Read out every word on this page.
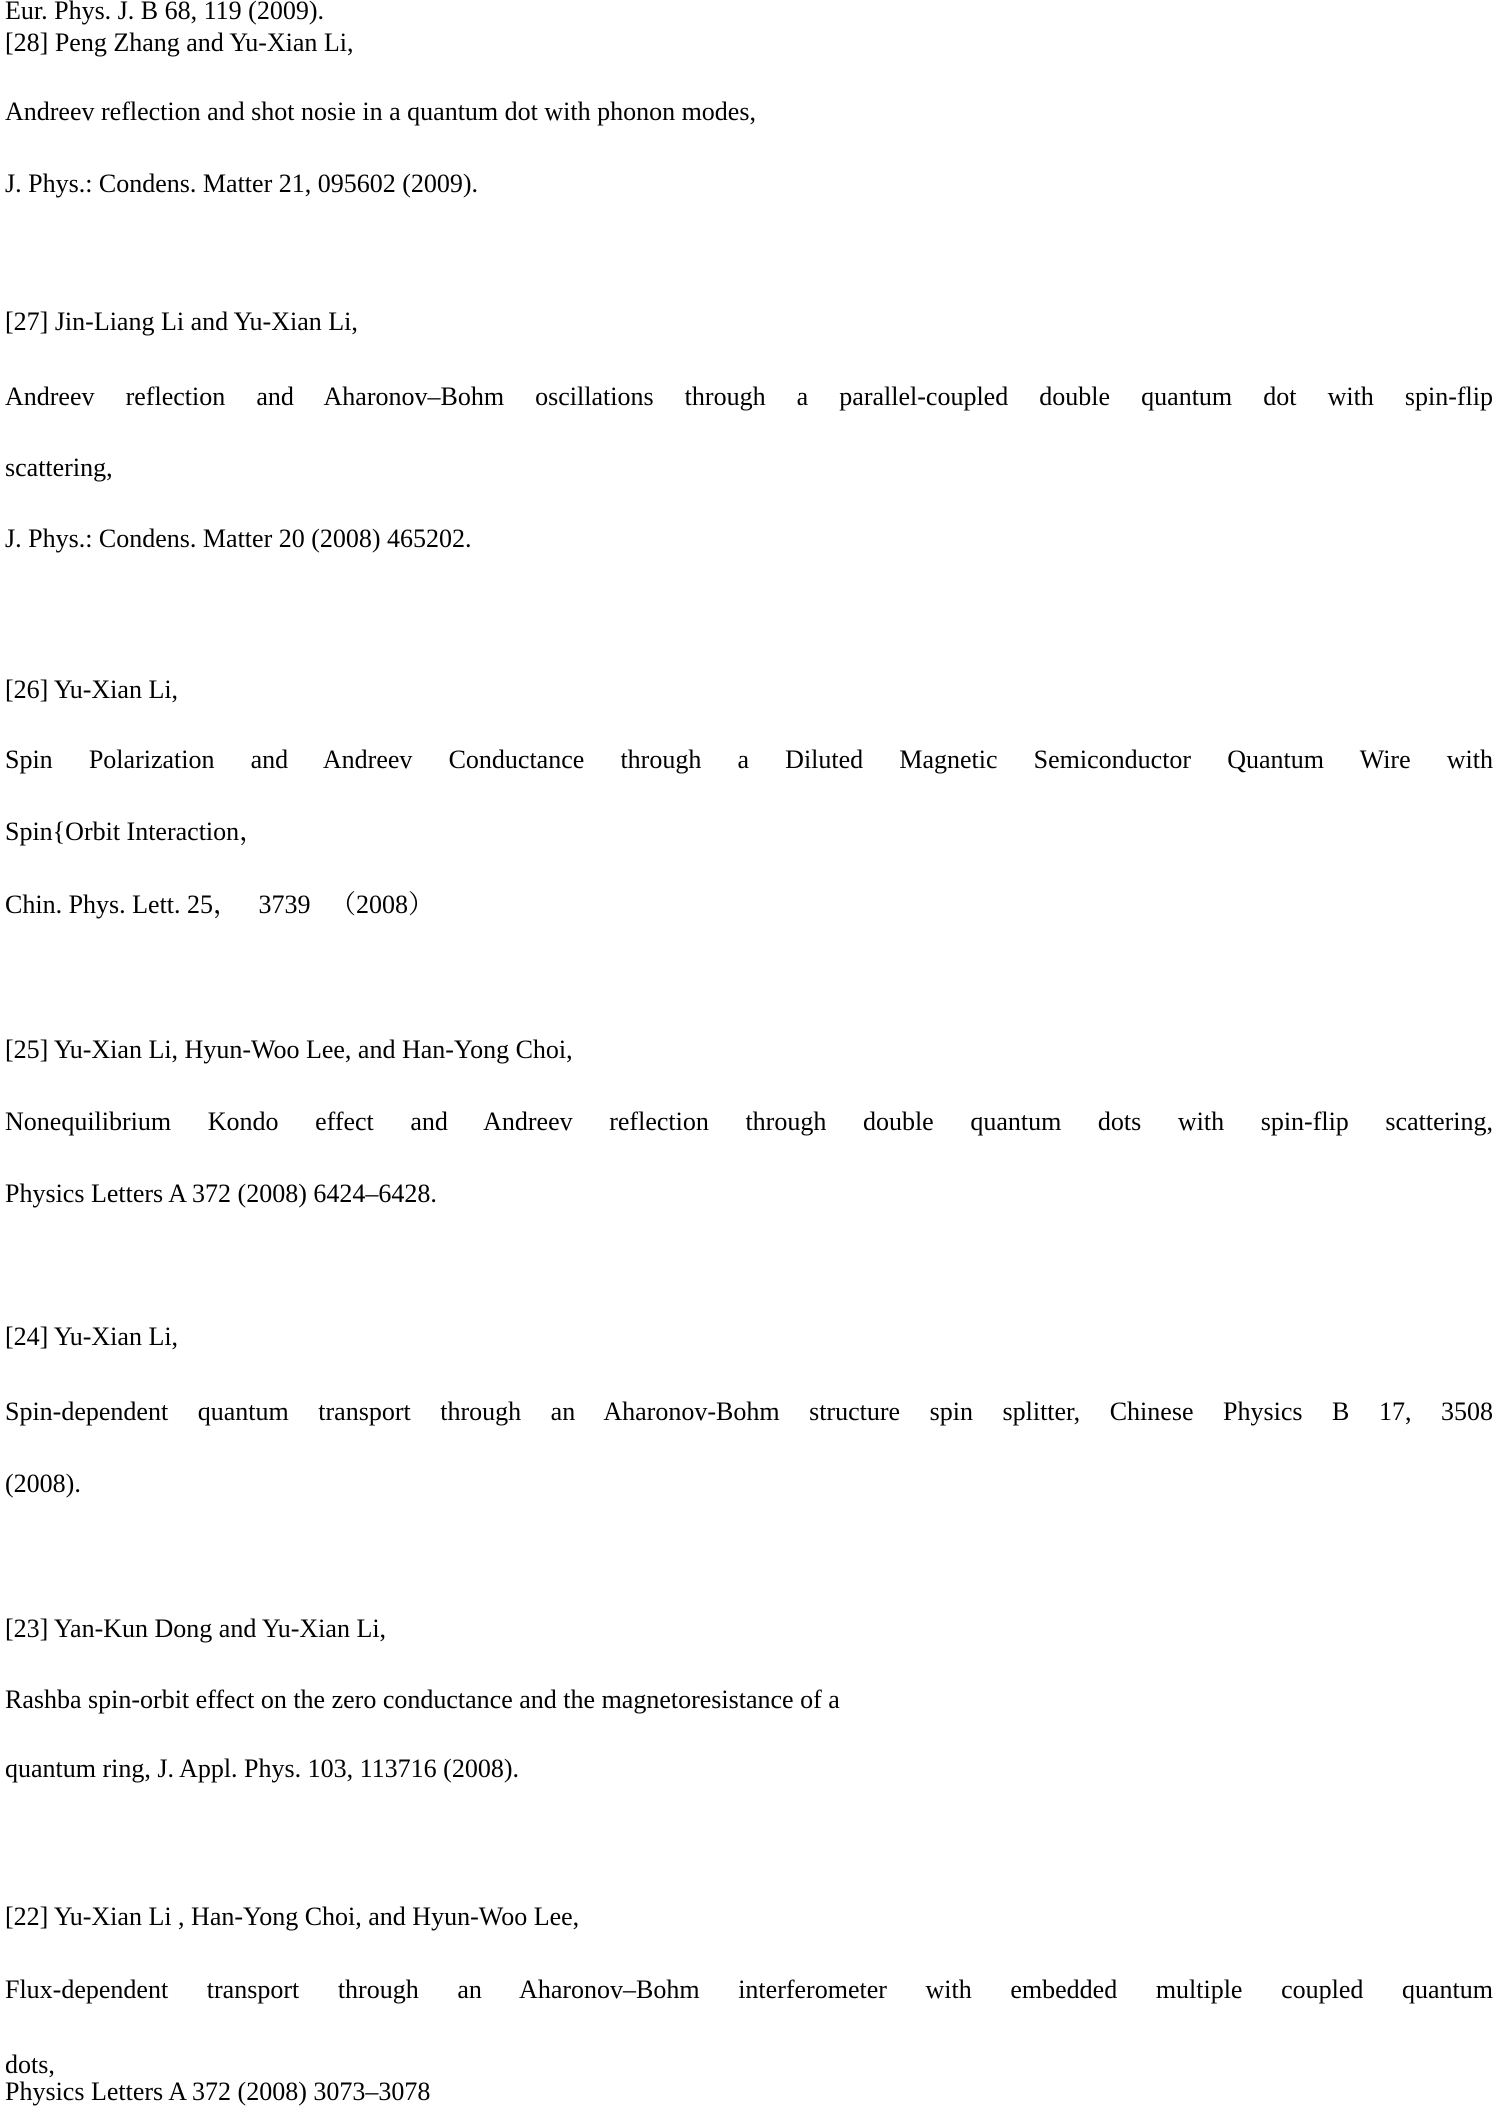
Eur. Phys. J. B 68, 119 (2009).
[28] Peng Zhang and Yu-Xian Li,
Andreev reflection and shot nosie in a quantum dot with phonon modes,
J. Phys.: Condens. Matter 21, 095602 (2009).
[27] Jin-Liang Li and Yu-Xian Li,
Andreev reflection and Aharonov–Bohm oscillations through a parallel-coupled double quantum dot with spin-flip
scattering,
J. Phys.: Condens. Matter 20 (2008) 465202.
[26] Yu-Xian Li,
Spin Polarization and Andreev Conductance through a Diluted Magnetic Semiconductor Quantum Wire with
Spin{Orbit Interaction，
Chin. Phys. Lett. 25，   3739   （2008）
[25] Yu-Xian Li, Hyun-Woo Lee, and Han-Yong Choi,
Nonequilibrium Kondo effect and Andreev reflection through double quantum dots with spin-flip scattering,
Physics Letters A 372 (2008) 6424–6428.
[24] Yu-Xian Li,
Spin-dependent quantum transport through an Aharonov-Bohm structure spin splitter, Chinese Physics B 17, 3508
(2008).
[23] Yan-Kun Dong and Yu-Xian Li,
Rashba spin-orbit effect on the zero conductance and the magnetoresistance of a
quantum ring, J. Appl. Phys. 103, 113716 (2008).
[22] Yu-Xian Li , Han-Yong Choi, and Hyun-Woo Lee,
Flux-dependent transport through an Aharonov–Bohm interferometer with embedded multiple coupled quantum
dots,
Physics Letters A 372 (2008) 3073–3078
